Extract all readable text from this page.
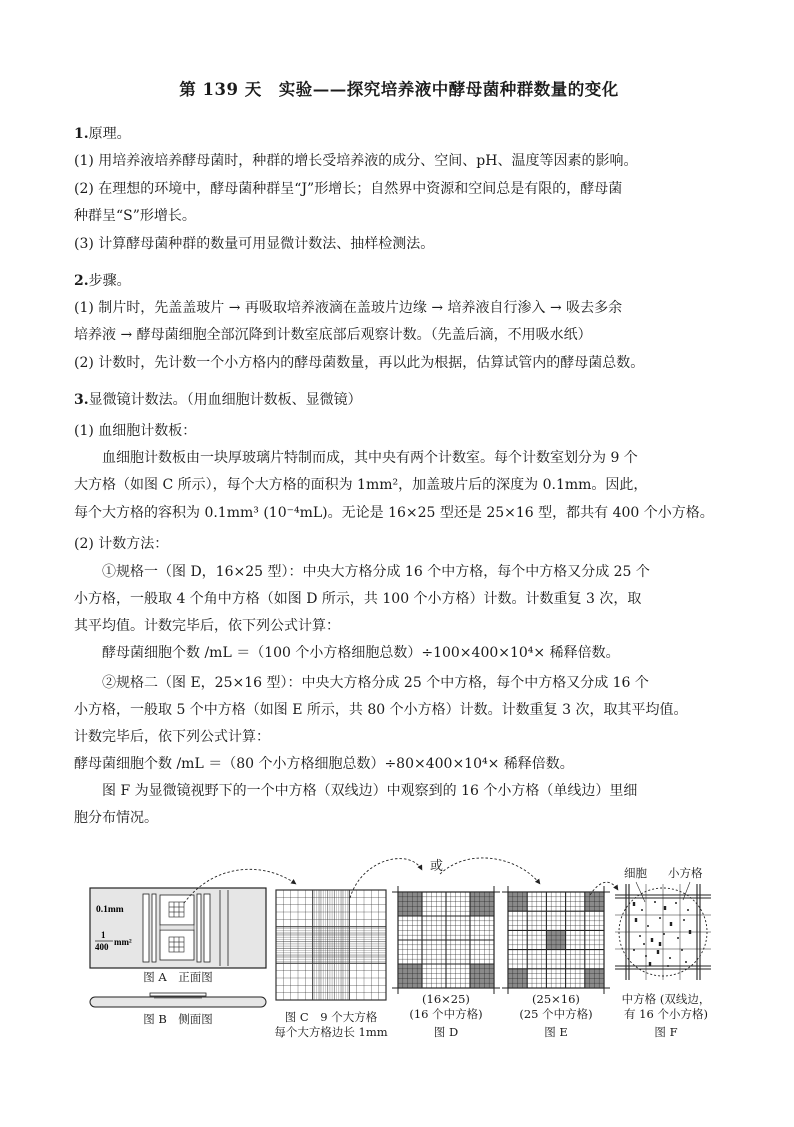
第 139 天　实验——探究培养液中酵母菌种群数量的变化
1.原理。
(1) 用培养液培养酵母菌时，种群的增长受培养液的成分、空间、pH、温度等因素的影响。
(2) 在理想的环境中，酵母菌种群呈“J”形增长；自然界中资源和空间总是有限的，酵母菌
种群呈“S”形增长。
(3) 计算酵母菌种群的数量可用显微计数法、抽样检测法。
2.步骤。
(1) 制片时，先盖盖玻片 → 再吸取培养液滴在盖玻片边缘 → 培养液自行渗入 → 吸去多余
培养液 → 酵母菌细胞全部沉降到计数室底部后观察计数。（先盖后滴，不用吸水纸）
(2) 计数时，先计数一个小方格内的酵母菌数量，再以此为根据，估算试管内的酵母菌总数。
3.显微镜计数法。（用血细胞计数板、显微镜）
(1) 血细胞计数板：
血细胞计数板由一块厚玻璃片特制而成，其中央有两个计数室。每个计数室划分为 9 个
大方格（如图 C 所示），每个大方格的面积为 1mm²，加盖玻片后的深度为 0.1mm。因此，
每个大方格的容积为 0.1mm³ (10⁻⁴mL)。无论是 16×25 型还是 25×16 型，都共有 400 个小方格。
(2) 计数方法：
①规格一（图 D，16×25 型）：中央大方格分成 16 个中方格，每个中方格又分成 25 个
小方格，一般取 4 个角中方格（如图 D 所示，共 100 个小方格）计数。计数重复 3 次，取
其平均值。计数完毕后，依下列公式计算：
酵母菌细胞个数 /mL ＝（100 个小方格细胞总数）÷100×400×10⁴× 稀释倍数。
②规格二（图 E，25×16 型）：中央大方格分成 25 个中方格，每个中方格又分成 16 个
小方格，一般取 5 个中方格（如图 E 所示，共 80 个小方格）计数。计数重复 3 次，取其平均值。
计数完毕后，依下列公式计算：
酵母菌细胞个数 /mL ＝（80 个小方格细胞总数）÷80×400×10⁴× 稀释倍数。
图 F 为显微镜视野下的一个中方格（双线边）中观察到的 16 个小方格（单线边）里细
胞分布情况。
0.1mm
1
400 mm²
或
图 A　正面图
图 B　侧面图	图 C　9 个大方格
每个大方格边长 1mm
(16×25)
(16 个中方格)
图 D
(25×16)
(25 个中方格)
图 E
细胞 小方格
中方格 (双线边，
有 16 个小方格)
图 F
